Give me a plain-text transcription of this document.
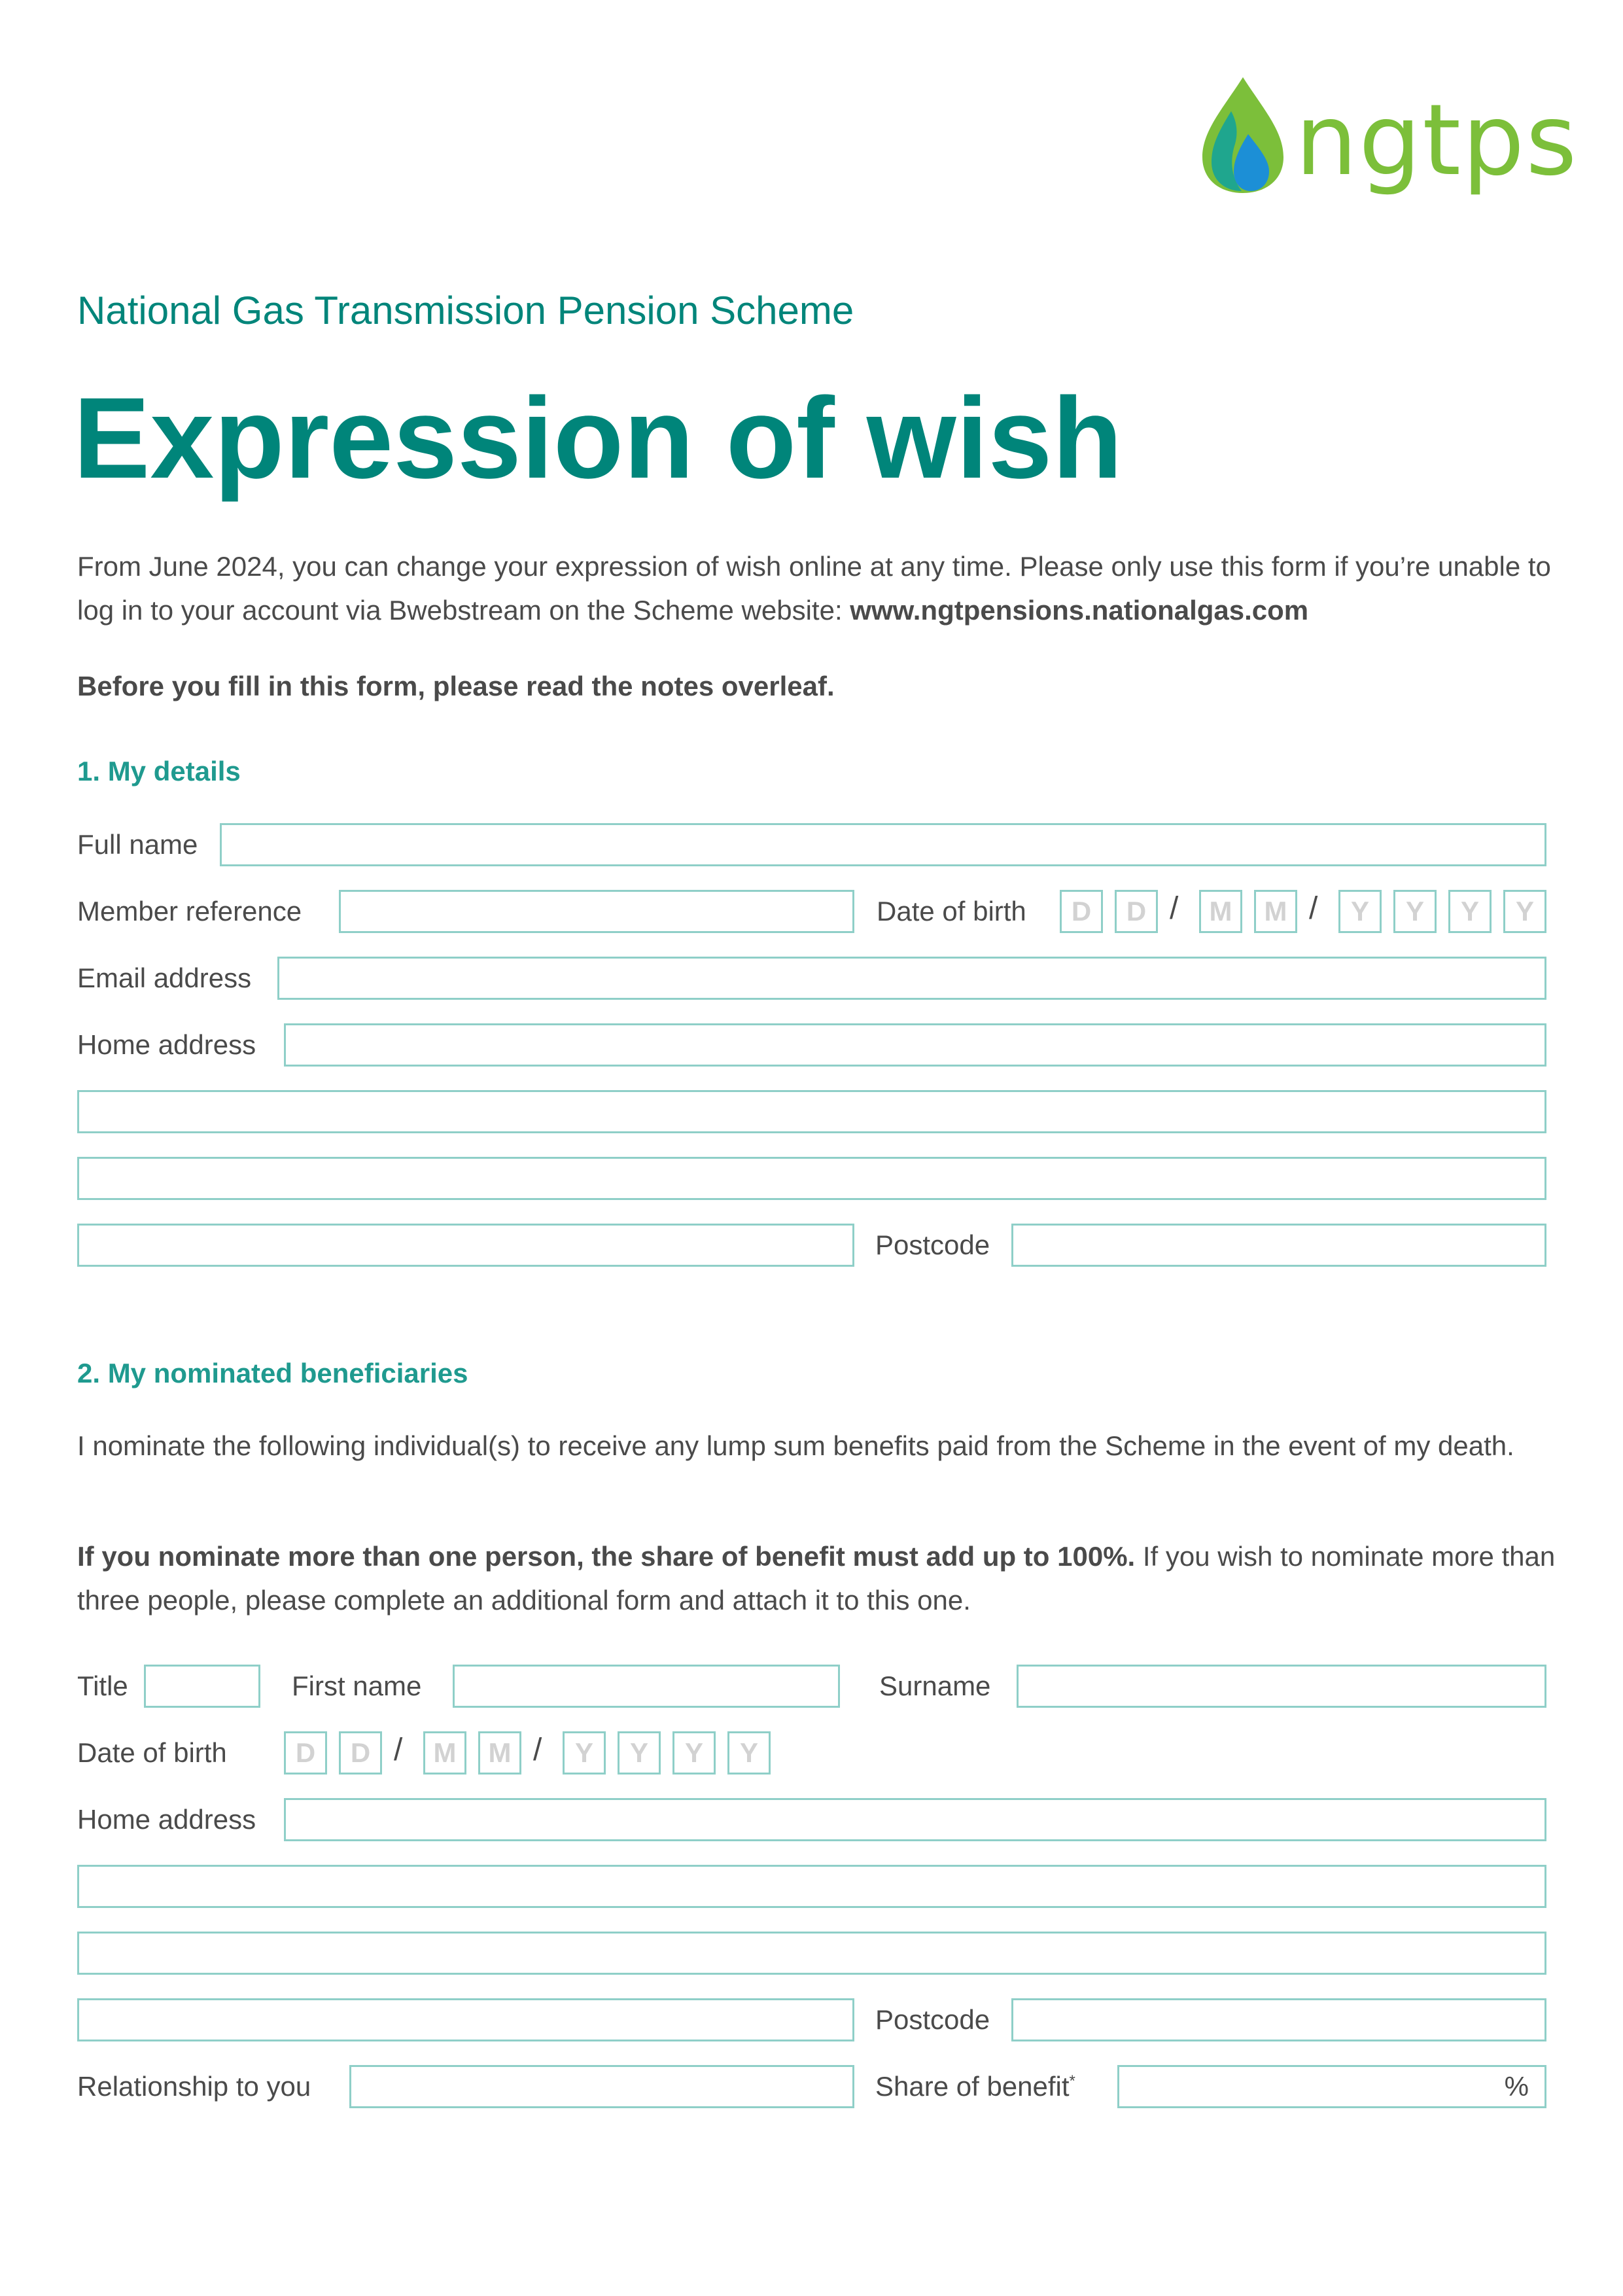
ngtps
National Gas Transmission Pension Scheme
Expression of wish
From June 2024, you can change your expression of wish online at any time. Please only use this form if you’re unable to log in to your account via Bwebstream on the Scheme website: www.ngtpensions.nationalgas.com
Before you fill in this form, please read the notes overleaf.
1. My details
Full name
Member reference	Date of birth	D	D /	M	M /	Y	Y	Y	Y
Email address
Home address
Postcode
2. My nominated beneficiaries
I nominate the following individual(s) to receive any lump sum benefits paid from the Scheme in the event of my death.
If you nominate more than one person, the share of benefit must add up to 100%. If you wish to nominate more than three people, please complete an additional form and attach it to this one.
Title	First name	Surname
Date of birth	D	D /	M	M /	Y	Y	Y	Y
Home address
Postcode
Relationship to you	Share of benefit*	%
